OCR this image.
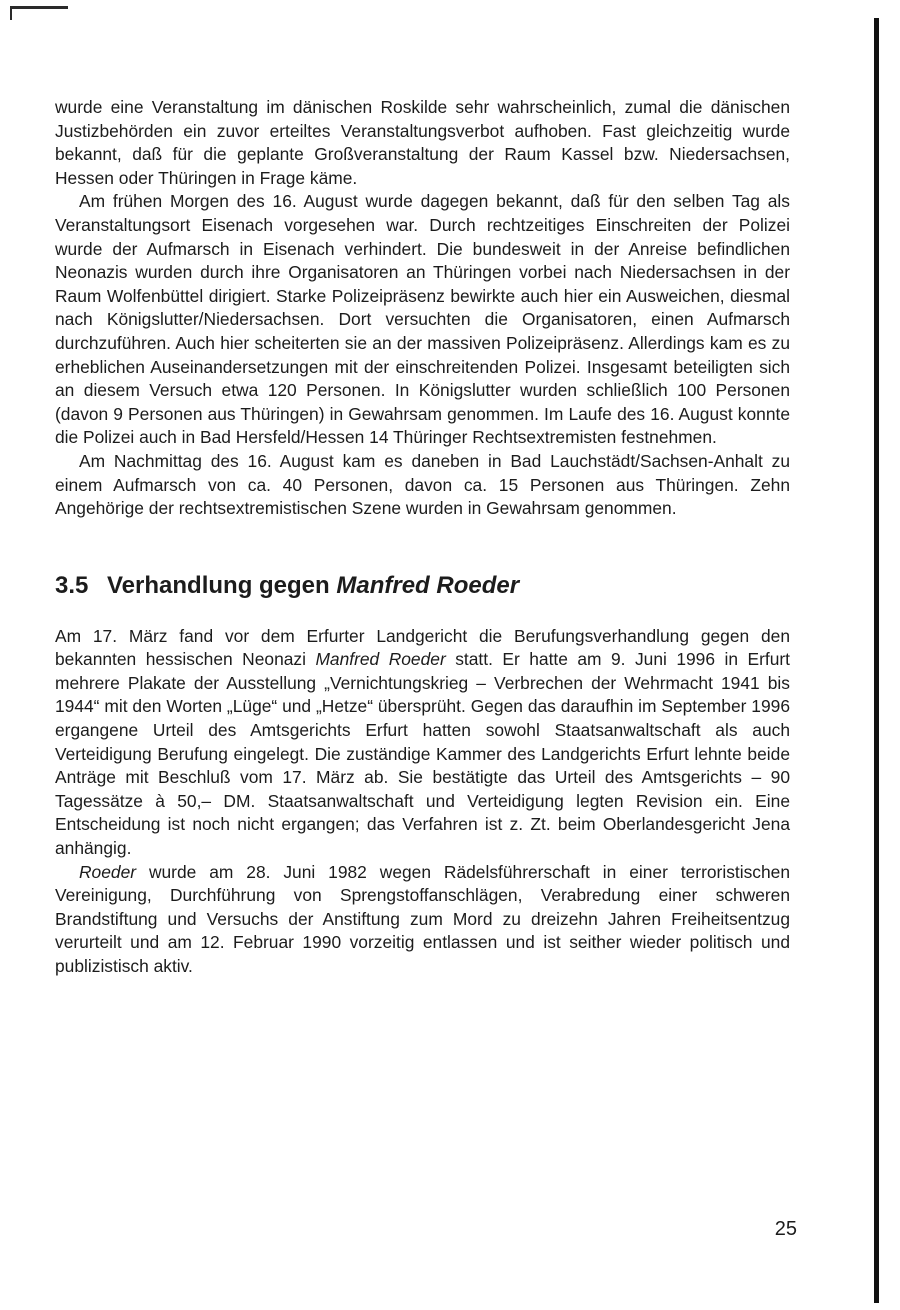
wurde eine Veranstaltung im dänischen Roskilde sehr wahrscheinlich, zumal die dänischen Justizbehörden ein zuvor erteiltes Veranstaltungsverbot aufhoben. Fast gleichzeitig wurde bekannt, daß für die geplante Großveranstaltung der Raum Kassel bzw. Niedersachsen, Hessen oder Thüringen in Frage käme.

Am frühen Morgen des 16. August wurde dagegen bekannt, daß für den selben Tag als Veranstaltungsort Eisenach vorgesehen war. Durch rechtzeitiges Einschreiten der Polizei wurde der Aufmarsch in Eisenach verhindert. Die bundesweit in der Anreise befindlichen Neonazis wurden durch ihre Organisatoren an Thüringen vorbei nach Niedersachsen in der Raum Wolfenbüttel dirigiert. Starke Polizeipräsenz bewirkte auch hier ein Ausweichen, diesmal nach Königslutter/Niedersachsen. Dort versuchten die Organisatoren, einen Aufmarsch durchzuführen. Auch hier scheiterten sie an der massiven Polizeipräsenz. Allerdings kam es zu erheblichen Auseinandersetzungen mit der einschreitenden Polizei. Insgesamt beteiligten sich an diesem Versuch etwa 120 Personen. In Königslutter wurden schließlich 100 Personen (davon 9 Personen aus Thüringen) in Gewahrsam genommen. Im Laufe des 16. August konnte die Polizei auch in Bad Hersfeld/Hessen 14 Thüringer Rechtsextremisten festnehmen.

Am Nachmittag des 16. August kam es daneben in Bad Lauchstädt/Sachsen-Anhalt zu einem Aufmarsch von ca. 40 Personen, davon ca. 15 Personen aus Thüringen. Zehn Angehörige der rechtsextremistischen Szene wurden in Gewahrsam genommen.

3.5 Verhandlung gegen Manfred Roeder

Am 17. März fand vor dem Erfurter Landgericht die Berufungsverhandlung gegen den bekannten hessischen Neonazi Manfred Roeder statt. Er hatte am 9. Juni 1996 in Erfurt mehrere Plakate der Ausstellung „Vernichtungskrieg – Verbrechen der Wehrmacht 1941 bis 1944“ mit den Worten „Lüge“ und „Hetze“ übersprüht. Gegen das daraufhin im September 1996 ergangene Urteil des Amtsgerichts Erfurt hatten sowohl Staatsanwaltschaft als auch Verteidigung Berufung eingelegt. Die zuständige Kammer des Landgerichts Erfurt lehnte beide Anträge mit Beschluß vom 17. März ab. Sie bestätigte das Urteil des Amtsgerichts – 90 Tagessätze à 50,– DM. Staatsanwaltschaft und Verteidigung legten Revision ein. Eine Entscheidung ist noch nicht ergangen; das Verfahren ist z. Zt. beim Oberlandesgericht Jena anhängig.

Roeder wurde am 28. Juni 1982 wegen Rädelsführerschaft in einer terroristischen Vereinigung, Durchführung von Sprengstoffanschlägen, Verabredung einer schweren Brandstiftung und Versuchs der Anstiftung zum Mord zu dreizehn Jahren Freiheitsentzug verurteilt und am 12. Februar 1990 vorzeitig entlassen und ist seither wieder politisch und publizistisch aktiv.

25
